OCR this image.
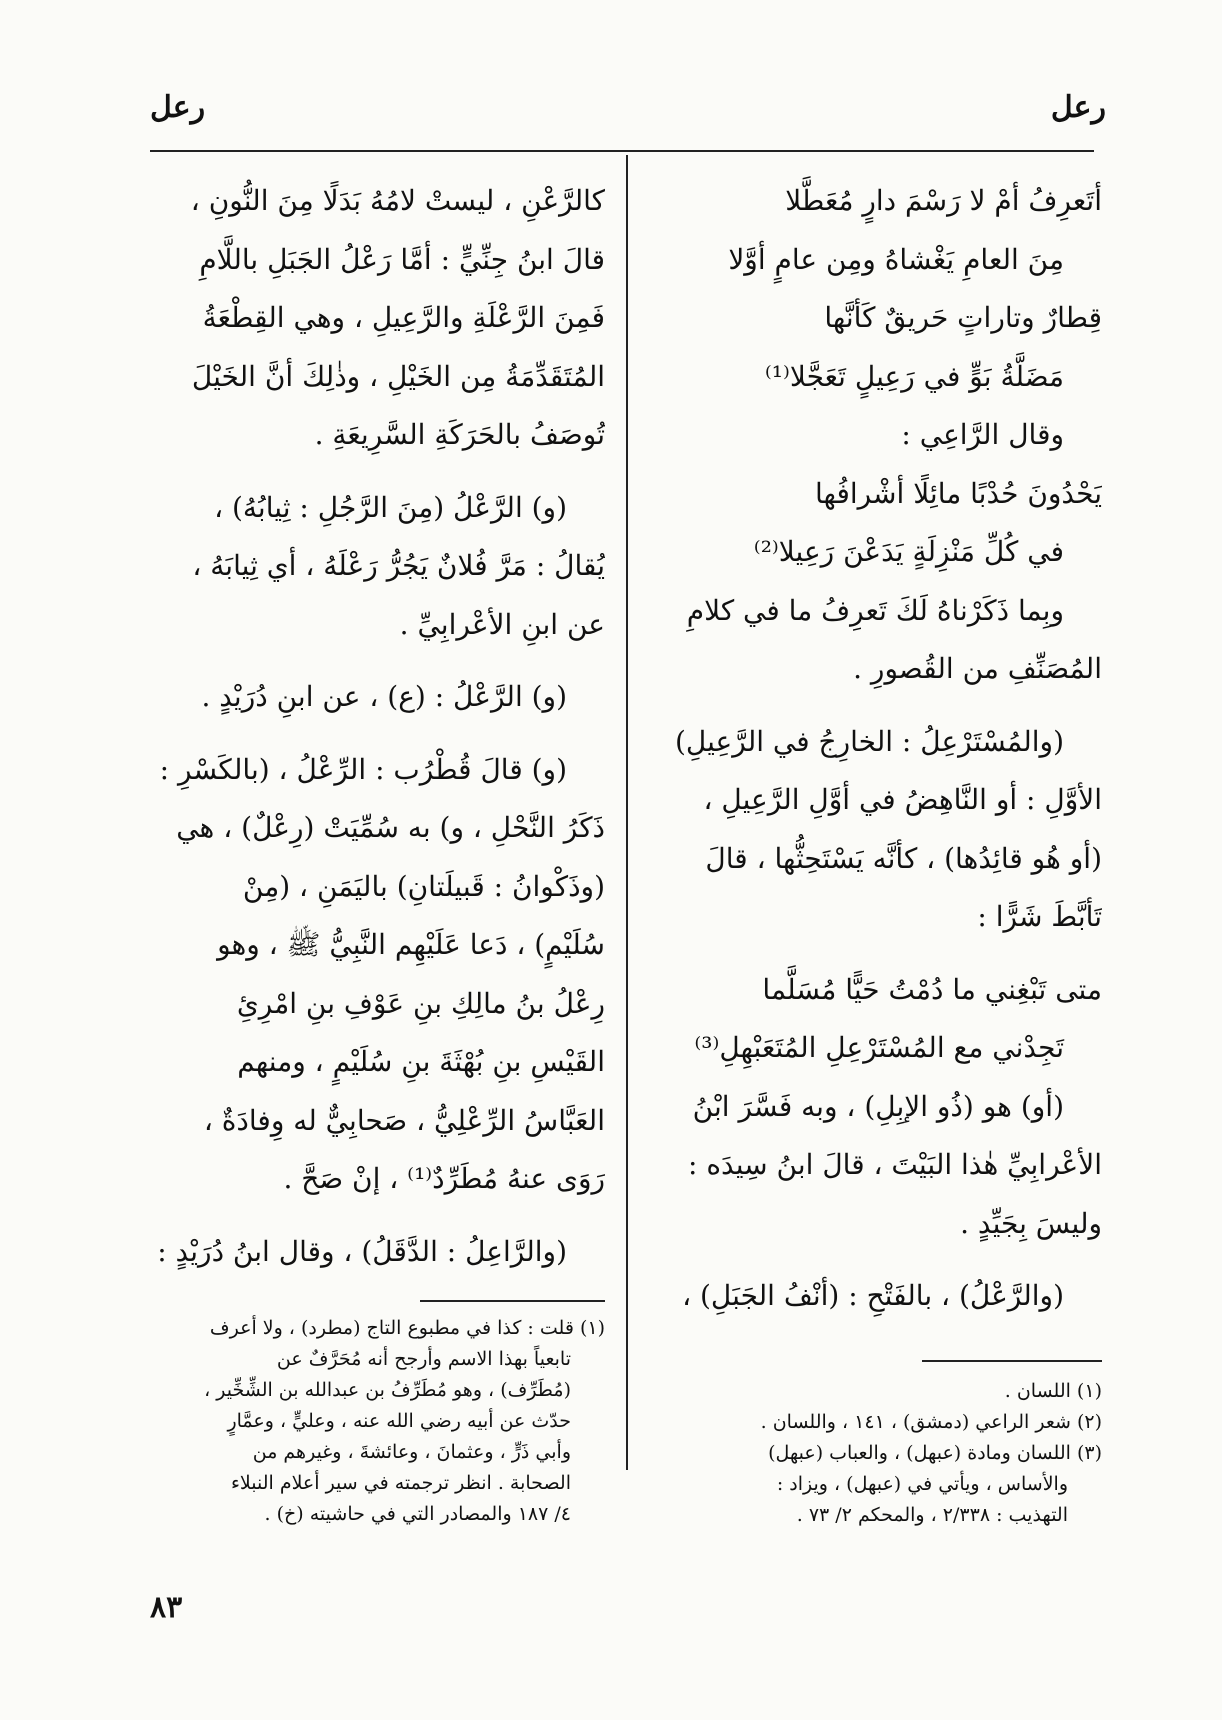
رعل
رعل
أتَعرِفُ أمْ لا رَسْمَ دارٍ مُعَطَّلا
مِنَ العامِ يَغْشاهُ ومِن عامٍ أوَّلا
قِطارٌ وتاراتٍ حَريقٌ كَأنَّها
مَضَلَّةُ بَوٍّ في رَعِيلٍ تَعَجَّلا⁽¹⁾
وقال الرَّاعِي :
يَحْدُونَ حُدْبًا مائِلًا أشْرافُها
في كُلِّ مَنْزِلَةٍ يَدَعْنَ رَعِيلا⁽²⁾
وبِما ذَكَرْناهُ لَكَ تَعرِفُ ما في كلامِ
المُصَنِّفِ من القُصورِ .
(والمُسْتَرْعِلُ : الخارِجُ في الرَّعِيلِ)
الأوَّلِ : أو النَّاهِضُ في أوَّلِ الرَّعِيلِ ،
(أو هُو قائِدُها) ، كأنَّه يَسْتَحِثُّها ، قالَ
تَأبَّطَ شَرًّا :
متى تَبْغِني ما دُمْتُ حَيًّا مُسَلَّما
تَجِدْني مع المُسْتَرْعِلِ المُتَعَبْهِلِ⁽³⁾
(أو) هو (ذُو الإبِلِ) ، وبه فَسَّرَ ابْنُ
الأعْرابِيِّ هٰذا البَيْتَ ، قالَ ابنُ سِيدَه :
وليسَ بِجَيِّدٍ .
(والرَّعْلُ) ، بالفَتْحِ : (أنْفُ الجَبَلِ) ،
كالرَّعْنِ ، ليستْ لامُهُ بَدَلًا مِنَ النُّونِ ،
قالَ ابنُ جِنِّيٍّ : أمَّا رَعْلُ الجَبَلِ باللَّامِ
فَمِنَ الرَّعْلَةِ والرَّعِيلِ ، وهي القِطْعَةُ
المُتَقَدِّمَةُ مِن الخَيْلِ ، وذٰلِكَ أنَّ الخَيْلَ
تُوصَفُ بالحَرَكَةِ السَّرِيعَةِ .
(و) الرَّعْلُ (مِنَ الرَّجُلِ : ثِيابُهُ) ،
يُقالُ : مَرَّ فُلانٌ يَجُرُّ رَعْلَهُ ، أي ثِيابَهُ ،
عن ابنِ الأعْرابِيِّ .
(و) الرَّعْلُ : (ع) ، عن ابنِ دُرَيْدٍ .
(و) قالَ قُطْرُب : الرِّعْلُ ، (بالكَسْرِ :
ذَكَرُ النَّحْلِ ، و) به سُمِّيَتْ (رِعْلٌ) ، هي
(وذَكْوانُ : قَبيلَتانِ) باليَمَنِ ، (مِنْ
سُلَيْمٍ) ، دَعا عَلَيْهِم النَّبِيُّ ﷺ ، وهو
رِعْلُ بنُ مالِكِ بنِ عَوْفِ بنِ امْرِئِ
القَيْسِ بنِ بُهْثَةَ بنِ سُلَيْمٍ ، ومنهم
العَبَّاسُ الرِّعْلِيُّ ، صَحابِيٌّ له وِفادَةٌ ،
رَوَى عنهُ مُطَرِّدٌ⁽¹⁾ ، إنْ صَحَّ .
(والرَّاعِلُ : الدَّقَلُ) ، وقال ابنُ دُرَيْدٍ :
(١) اللسان .
(٢) شعر الراعي (دمشق) ، ١٤١ ، واللسان .
(٣) اللسان ومادة (عبهل) ، والعباب (عبهل)
والأساس ، ويأتي في (عبهل) ، ويزاد :
التهذيب : ٢/٣٣٨ ، والمحكم ٢/ ٧٣ .
(١) قلت : كذا في مطبوع التاج (مطرد) ، ولا أعرف
تابعياً بهذا الاسم وأرجح أنه مُحَرَّفٌ عن
(مُطَرِّف) ، وهو مُطَرِّفُ بن عبدالله بن الشِّخِّير ،
حدّث عن أبيه رضي الله عنه ، وعليٍّ ، وعمَّارٍ
وأبي ذَرٍّ ، وعثمانَ ، وعائشةَ ، وغيرهم من
الصحابة . انظر ترجمته في سير أعلام النبلاء
٤/ ١٨٧ والمصادر التي في حاشيته (خ) .
٨٣
